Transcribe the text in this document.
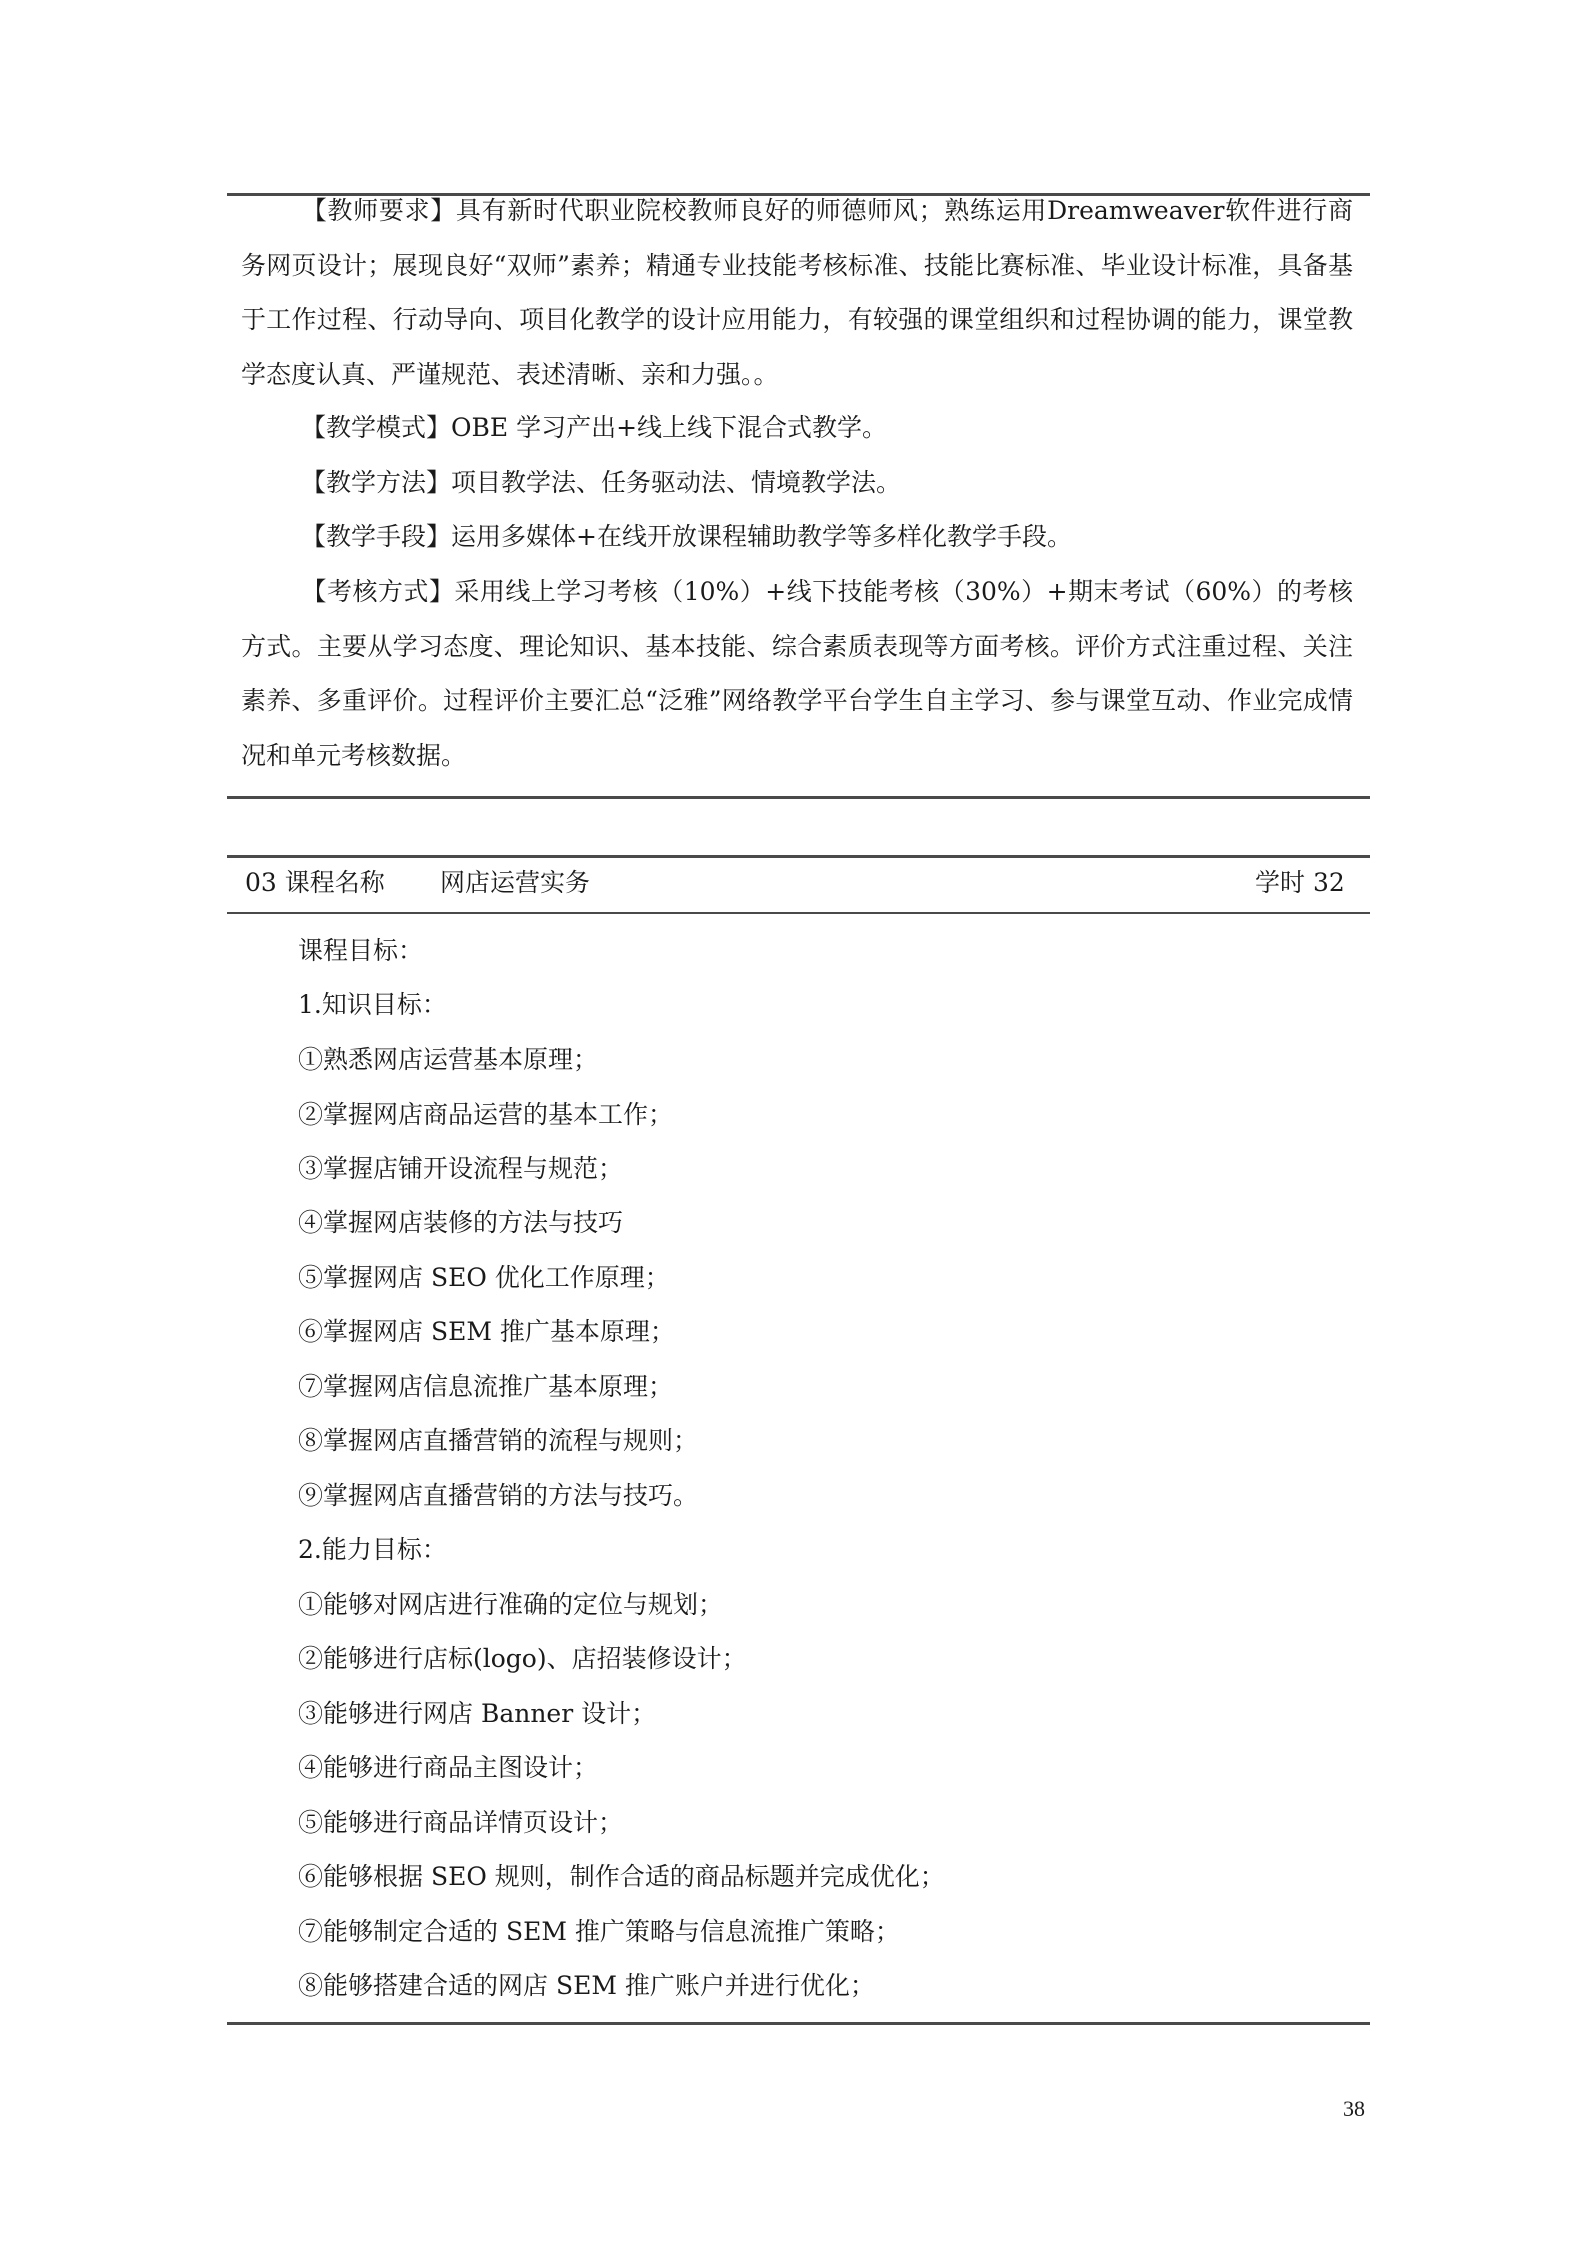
【教师要求】具有新时代职业院校教师良好的师德师风；熟练运用Dreamweaver软件进行商务网页设计；展现良好“双师”素养；精通专业技能考核标准、技能比赛标准、毕业设计标准，具备基于工作过程、行动导向、项目化教学的设计应用能力，有较强的课堂组织和过程协调的能力，课堂教学态度认真、严谨规范、表述清晰、亲和力强。。

【教学模式】OBE 学习产出+线上线下混合式教学。

【教学方法】项目教学法、任务驱动法、情境教学法。

【教学手段】运用多媒体+在线开放课程辅助教学等多样化教学手段。

【考核方式】采用线上学习考核（10%）+线下技能考核（30%）+期末考试（60%）的考核方式。主要从学习态度、理论知识、基本技能、综合素质表现等方面考核。评价方式注重过程、关注素养、多重评价。过程评价主要汇总“泛雅”网络教学平台学生自主学习、参与课堂互动、作业完成情况和单元考核数据。

03 课程名称 网店运营实务	学时 32
课程目标：
1.知识目标：
①熟悉网店运营基本原理；
②掌握网店商品运营的基本工作；
③掌握店铺开设流程与规范；
④掌握网店装修的方法与技巧
⑤掌握网店 SEO 优化工作原理；
⑥掌握网店 SEM 推广基本原理；
⑦掌握网店信息流推广基本原理；
⑧掌握网店直播营销的流程与规则；
⑨掌握网店直播营销的方法与技巧。
2.能力目标：
①能够对网店进行准确的定位与规划；
②能够进行店标(logo)、店招装修设计；
③能够进行网店 Banner 设计；
④能够进行商品主图设计；
⑤能够进行商品详情页设计；
⑥能够根据 SEO 规则，制作合适的商品标题并完成优化；
⑦能够制定合适的 SEM 推广策略与信息流推广策略；
⑧能够搭建合适的网店 SEM 推广账户并进行优化；
38
